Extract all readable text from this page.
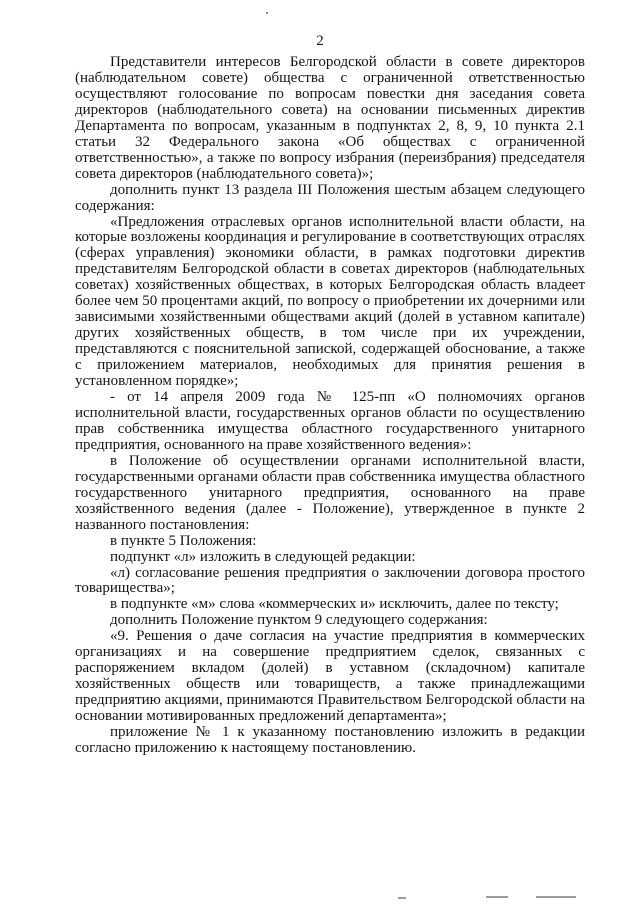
2

Представители интересов Белгородской области в совете директоров (наблюдательном совете) общества с ограниченной ответственностью осуществляют голосование по вопросам повестки дня заседания совета директоров (наблюдательного совета) на основании письменных директив Департамента по вопросам, указанным в подпунктах 2, 8, 9, 10 пункта 2.1 статьи 32 Федерального закона «Об обществах с ограниченной ответственностью», а также по вопросу избрания (переизбрания) председателя совета директоров (наблюдательного совета)»;

дополнить пункт 13 раздела III Положения шестым абзацем следующего содержания:

«Предложения отраслевых органов исполнительной власти области, на которые возложены координация и регулирование в соответствующих отраслях (сферах управления) экономики области, в рамках подготовки директив представителям Белгородской области в советах директоров (наблюдательных советах) хозяйственных обществах, в которых Белгородская область владеет более чем 50 процентами акций, по вопросу о приобретении их дочерними или зависимыми хозяйственными обществами акций (долей в уставном капитале) других хозяйственных обществ, в том числе при их учреждении, представляются с пояснительной запиской, содержащей обоснование, а также с приложением материалов, необходимых для принятия решения в установленном порядке»;

- от 14 апреля 2009 года № 125-пп «О полномочиях органов исполнительной власти, государственных органов области по осуществлению прав собственника имущества областного государственного унитарного предприятия, основанного на праве хозяйственного ведения»:

в Положение об осуществлении органами исполнительной власти, государственными органами области прав собственника имущества областного государственного унитарного предприятия, основанного на праве хозяйственного ведения (далее - Положение), утвержденное в пункте 2 названного постановления:

в пункте 5 Положения:

подпункт «л» изложить в следующей редакции:

«л) согласование решения предприятия о заключении договора простого товарищества»;

в подпункте «м» слова «коммерческих и» исключить, далее по тексту;

дополнить Положение пунктом 9 следующего содержания:

«9. Решения о даче согласия на участие предприятия в коммерческих организациях и на совершение предприятием сделок, связанных с распоряжением вкладом (долей) в уставном (складочном) капитале хозяйственных обществ или товариществ, а также принадлежащими предприятию акциями, принимаются Правительством Белгородской области на основании мотивированных предложений департамента»;

приложение № 1 к указанному постановлению изложить в редакции согласно приложению к настоящему постановлению.
